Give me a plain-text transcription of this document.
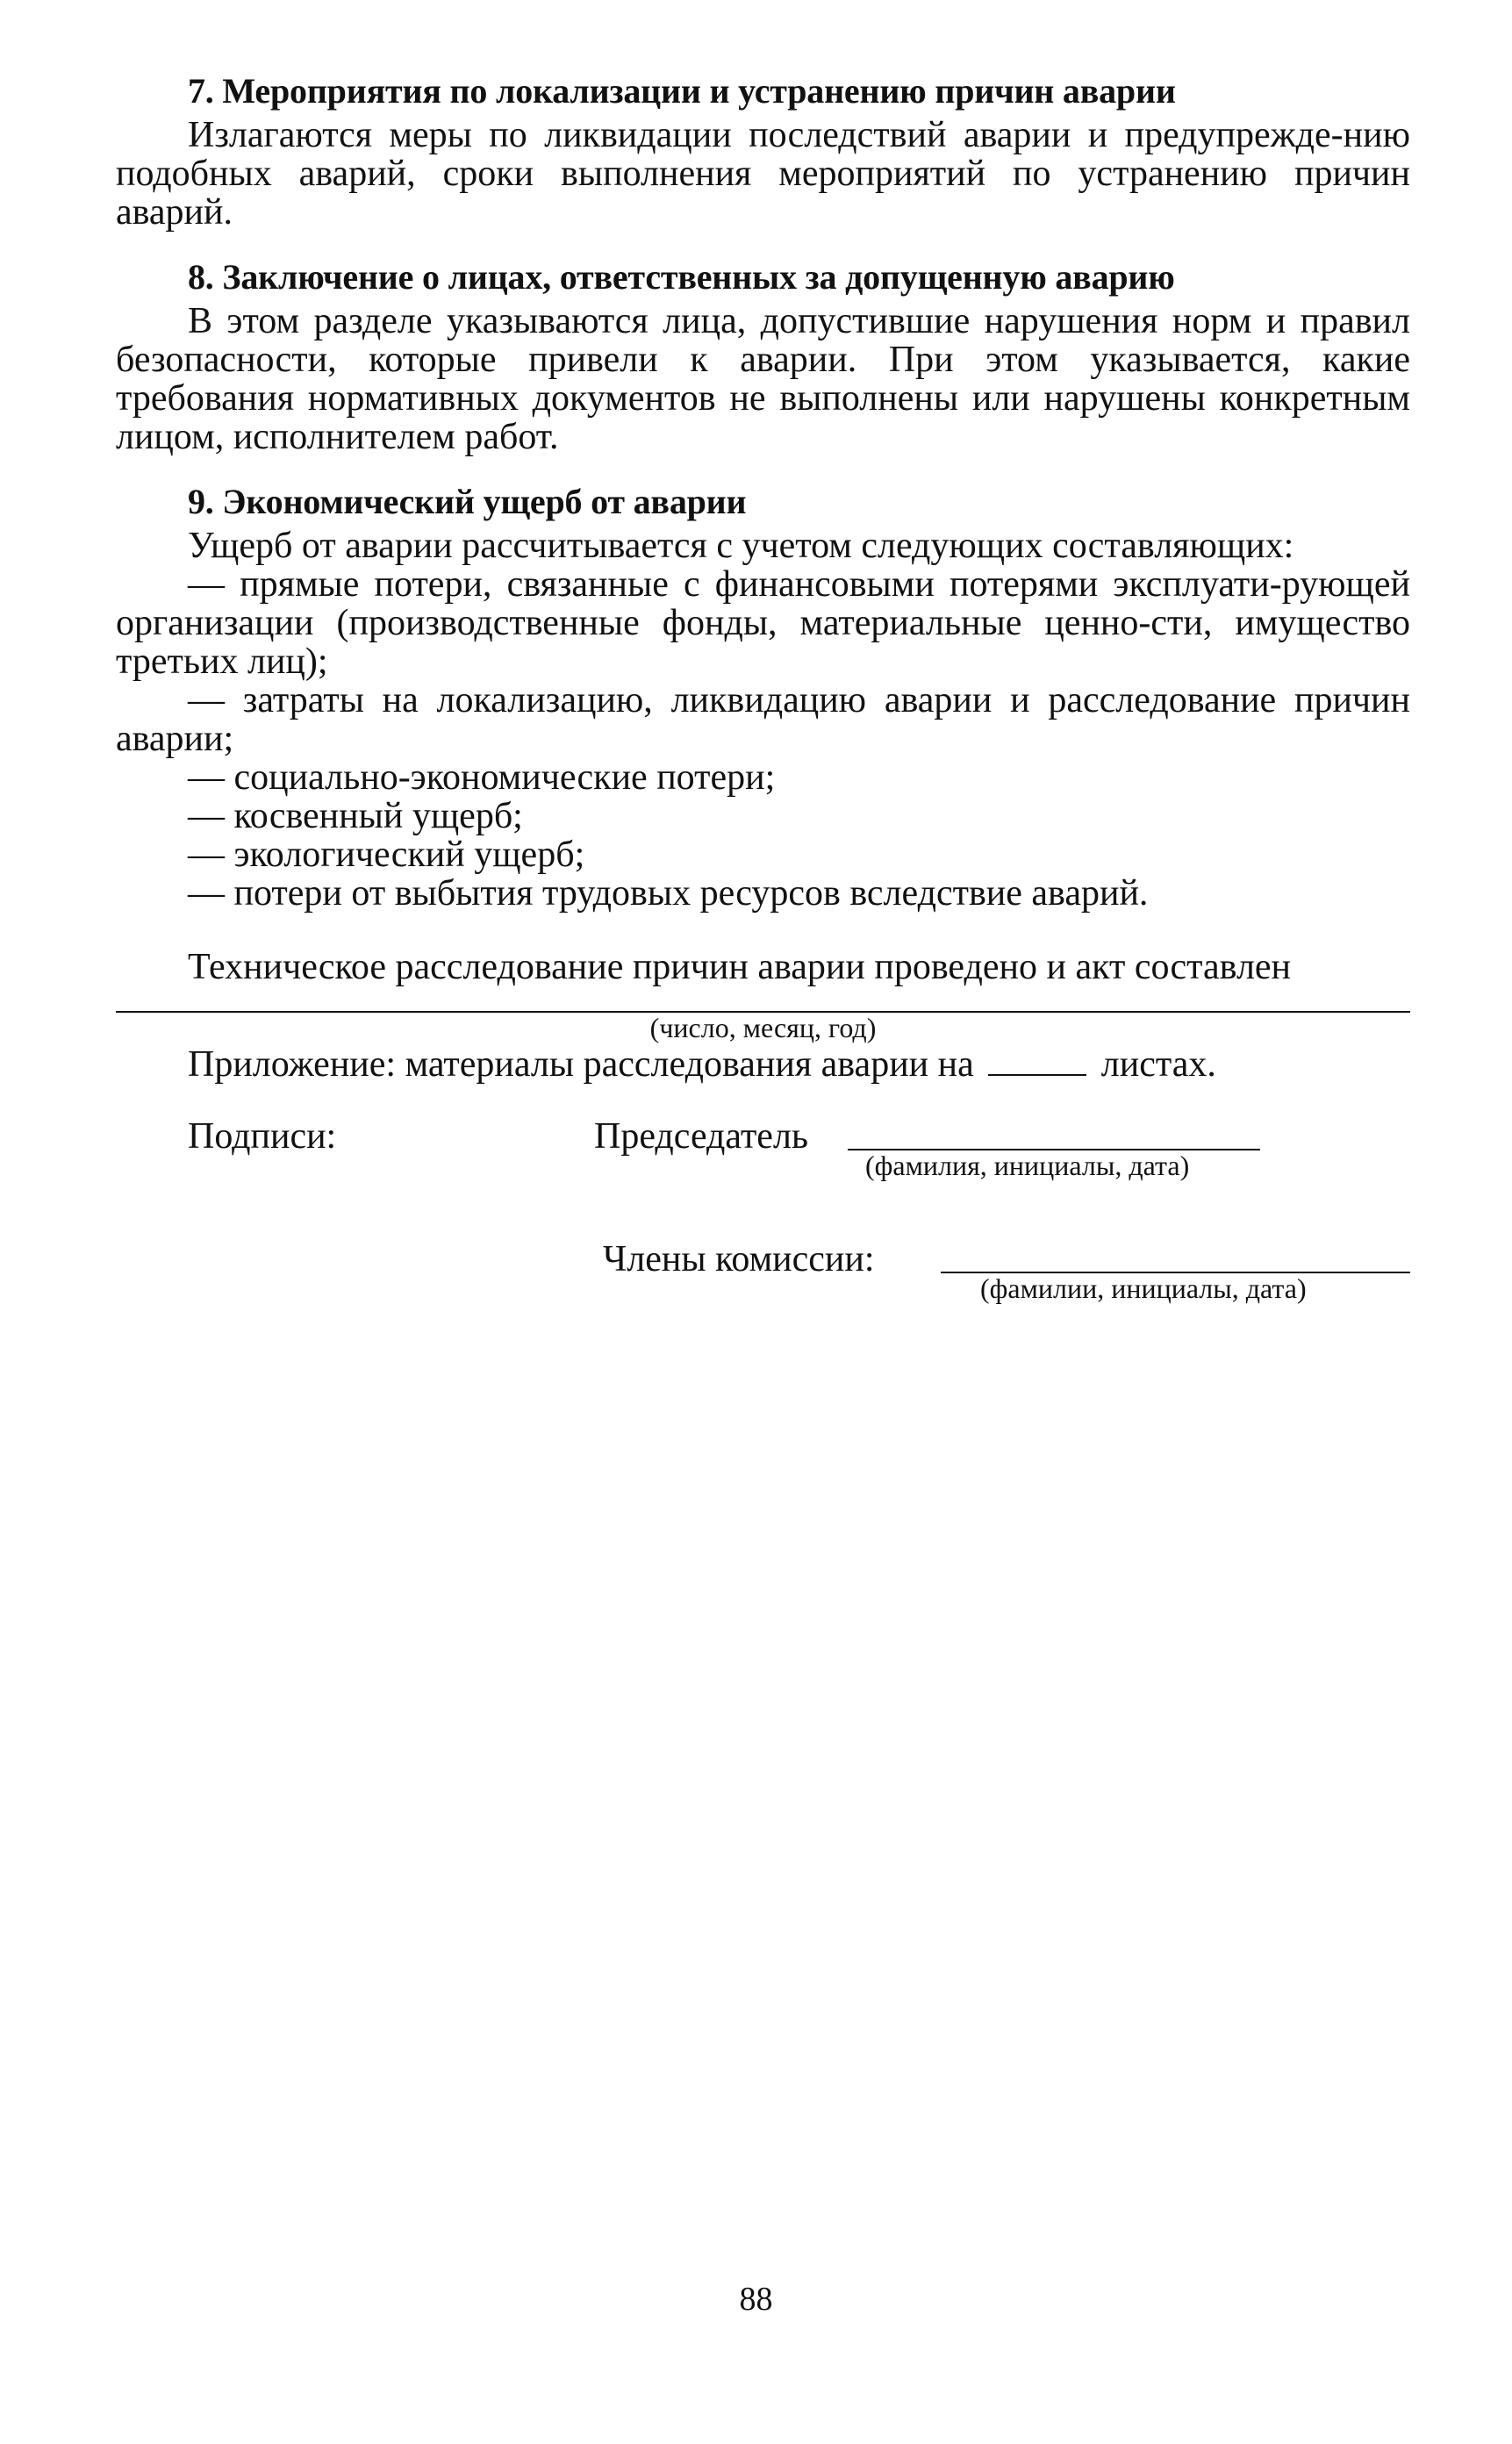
7. Мероприятия по локализации и устранению причин аварии

Излагаются меры по ликвидации последствий аварии и предупрежде-нию подобных аварий, сроки выполнения мероприятий по устранению причин аварий.

8. Заключение о лицах, ответственных за допущенную аварию

В этом разделе указываются лица, допустившие нарушения норм и правил безопасности, которые привели к аварии. При этом указывается, какие требования нормативных документов не выполнены или нарушены конкретным лицом, исполнителем работ.

9. Экономический ущерб от аварии

Ущерб от аварии рассчитывается с учетом следующих составляющих:

— прямые потери, связанные с финансовыми потерями эксплуати-рующей организации (производственные фонды, материальные ценно-сти, имущество третьих лиц);
— затраты на локализацию, ликвидацию аварии и расследование причин аварии;
— социально-экономические потери;
— косвенный ущерб;
— экологический ущерб;
— потери от выбытия трудовых ресурсов вследствие аварий.

Техническое расследование причин аварии проведено и акт составлен

(число, месяц, год)

Приложение: материалы расследования аварии на	листах.

Подписи:	Председатель
(фамилия, инициалы, дата)
Члены комиссии:
(фамилии, инициалы, дата)
88
